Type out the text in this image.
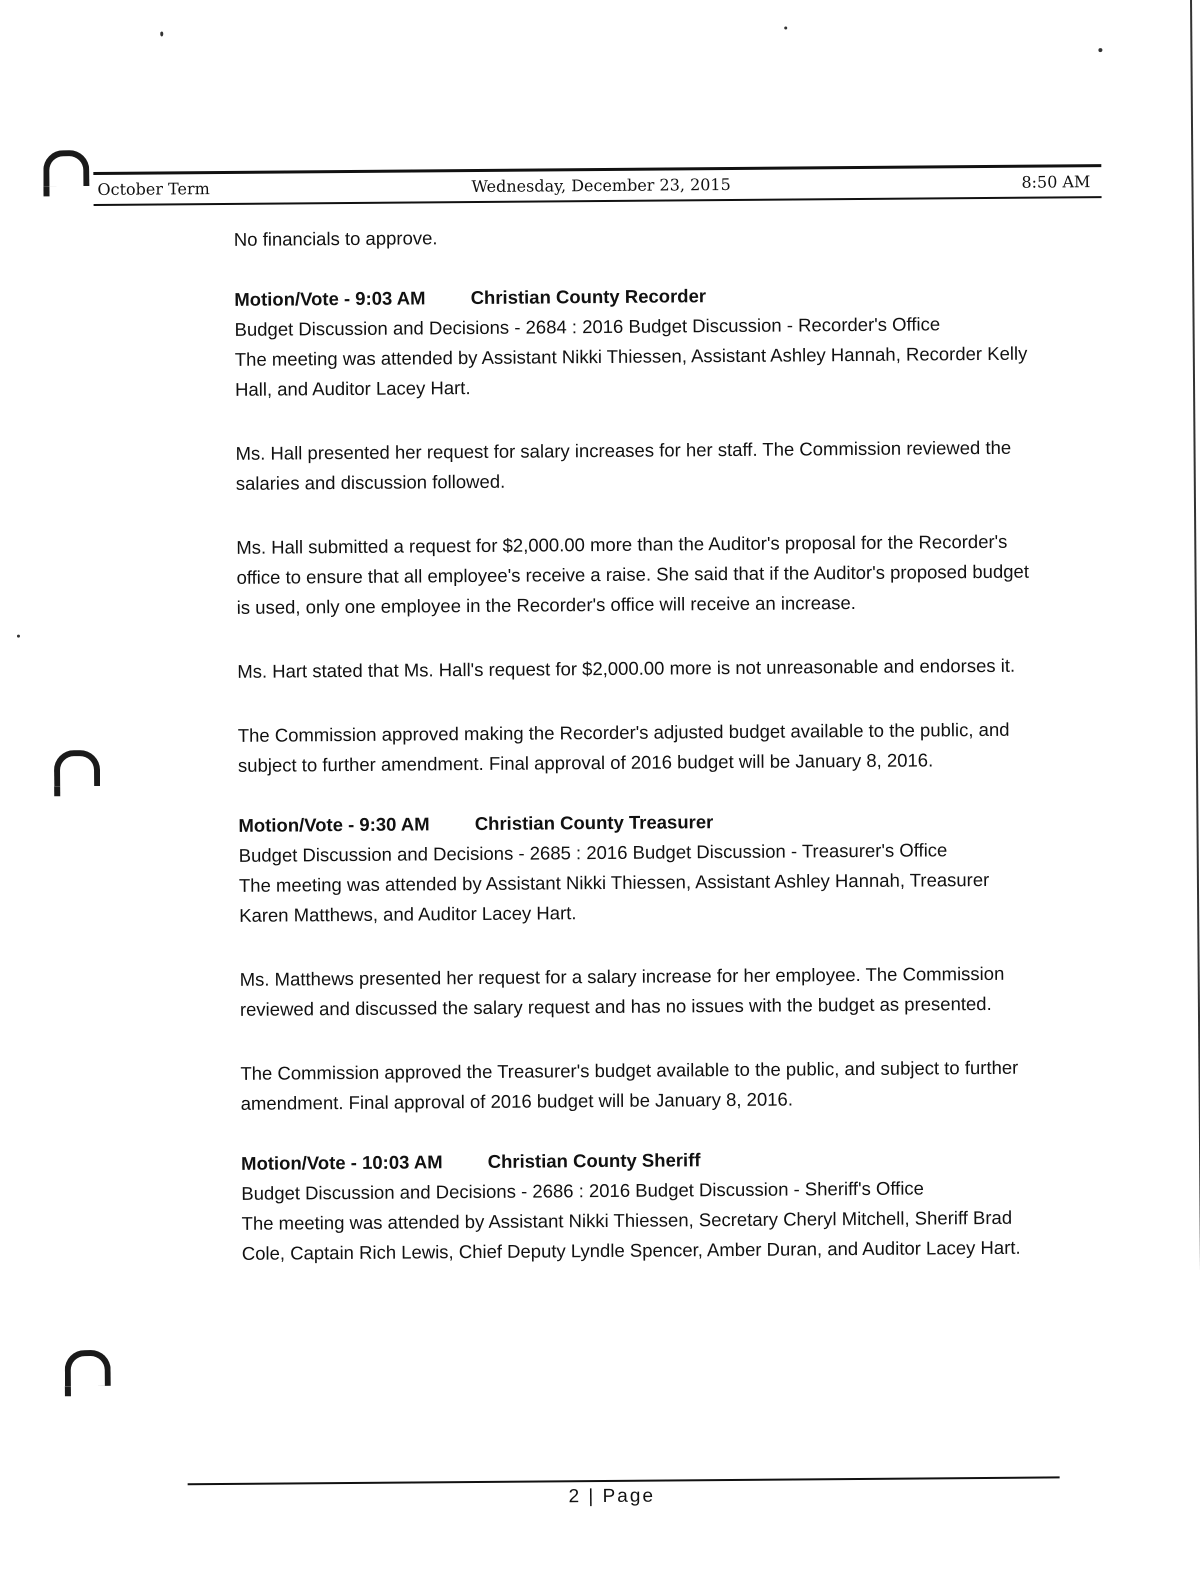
October Term	Wednesday, December 23, 2015	8:50 AM
No financials to approve.
Motion/Vote - 9:03 AM Christian County Recorder
Budget Discussion and Decisions - 2684 : 2016 Budget Discussion - Recorder's Office
The meeting was attended by Assistant Nikki Thiessen, Assistant Ashley Hannah, Recorder Kelly Hall, and Auditor Lacey Hart.
Ms. Hall presented her request for salary increases for her staff. The Commission reviewed the salaries and discussion followed.
Ms. Hall submitted a request for $2,000.00 more than the Auditor's proposal for the Recorder's office to ensure that all employee's receive a raise. She said that if the Auditor's proposed budget is used, only one employee in the Recorder's office will receive an increase.
Ms. Hart stated that Ms. Hall's request for $2,000.00 more is not unreasonable and endorses it.
The Commission approved making the Recorder's adjusted budget available to the public, and subject to further amendment. Final approval of 2016 budget will be January 8, 2016.
Motion/Vote - 9:30 AM Christian County Treasurer
Budget Discussion and Decisions - 2685 : 2016 Budget Discussion - Treasurer's Office
The meeting was attended by Assistant Nikki Thiessen, Assistant Ashley Hannah, Treasurer Karen Matthews, and Auditor Lacey Hart.
Ms. Matthews presented her request for a salary increase for her employee. The Commission reviewed and discussed the salary request and has no issues with the budget as presented.
The Commission approved the Treasurer's budget available to the public, and subject to further amendment. Final approval of 2016 budget will be January 8, 2016.
Motion/Vote - 10:03 AM Christian County Sheriff
Budget Discussion and Decisions - 2686 : 2016 Budget Discussion - Sheriff's Office
The meeting was attended by Assistant Nikki Thiessen, Secretary Cheryl Mitchell, Sheriff Brad Cole, Captain Rich Lewis, Chief Deputy Lyndle Spencer, Amber Duran, and Auditor Lacey Hart.
2 | Page
